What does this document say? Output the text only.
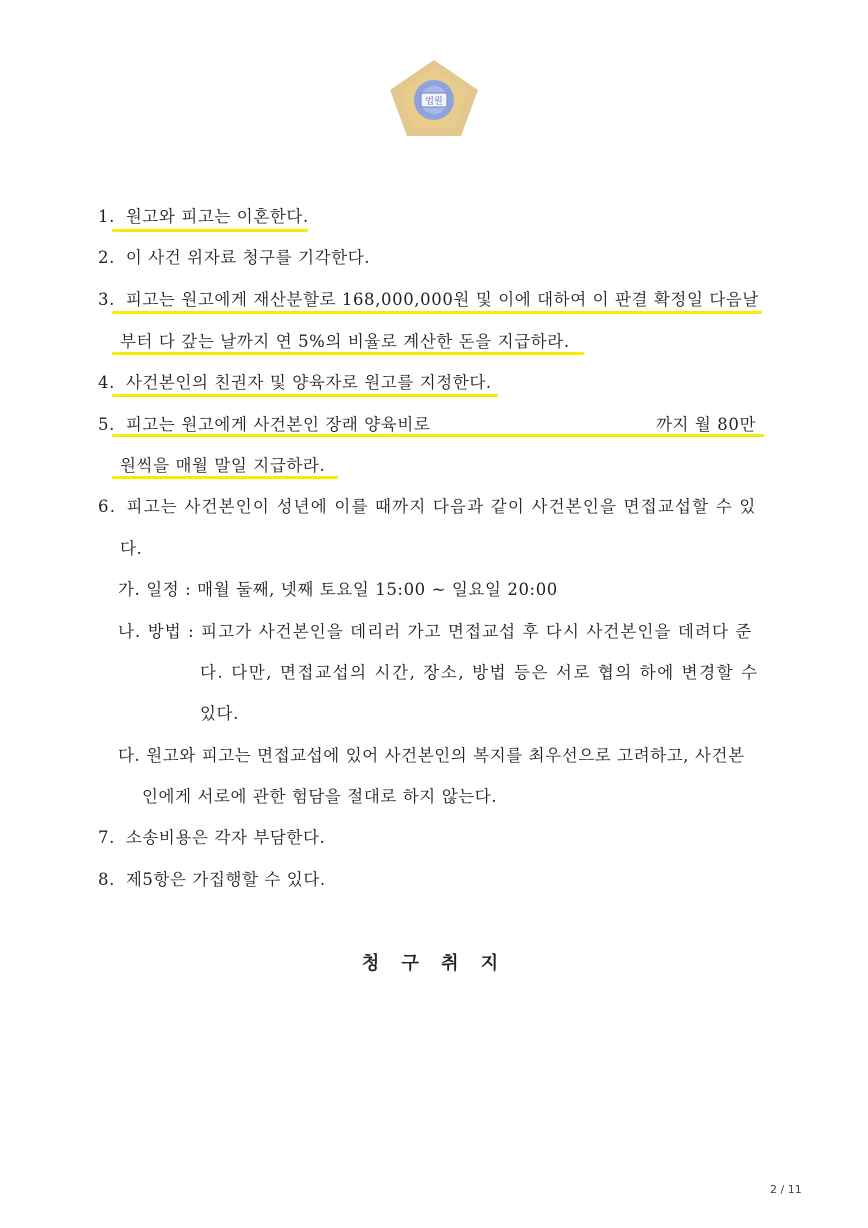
법원
1. 원고와 피고는 이혼한다.
2. 이 사건 위자료 청구를 기각한다.
3. 피고는 원고에게 재산분할로 168,000,000원 및 이에 대하여 이 판결 확정일 다음날
부터 다 갚는 날까지 연 5%의 비율로 계산한 돈을 지급하라.
4. 사건본인의 친권자 및 양육자로 원고를 지정한다.
5. 피고는 원고에게 사건본인 장래 양육비로	까지 월 80만
원씩을 매월 말일 지급하라.
6. 피고는 사건본인이 성년에 이를 때까지 다음과 같이 사건본인을 면접교섭할 수 있
다.
가. 일정 : 매월 둘째, 넷째 토요일 15:00 ~ 일요일 20:00
나. 방법 : 피고가 사건본인을 데리러 가고 면접교섭 후 다시 사건본인을 데려다 준
다. 다만, 면접교섭의 시간, 장소, 방법 등은 서로 협의 하에 변경할 수
있다.
다. 원고와 피고는 면접교섭에 있어 사건본인의 복지를 최우선으로 고려하고, 사건본
인에게 서로에 관한 험담을 절대로 하지 않는다.
7. 소송비용은 각자 부담한다.
8. 제5항은 가집행할 수 있다.
청 구 취 지
2 / 11
